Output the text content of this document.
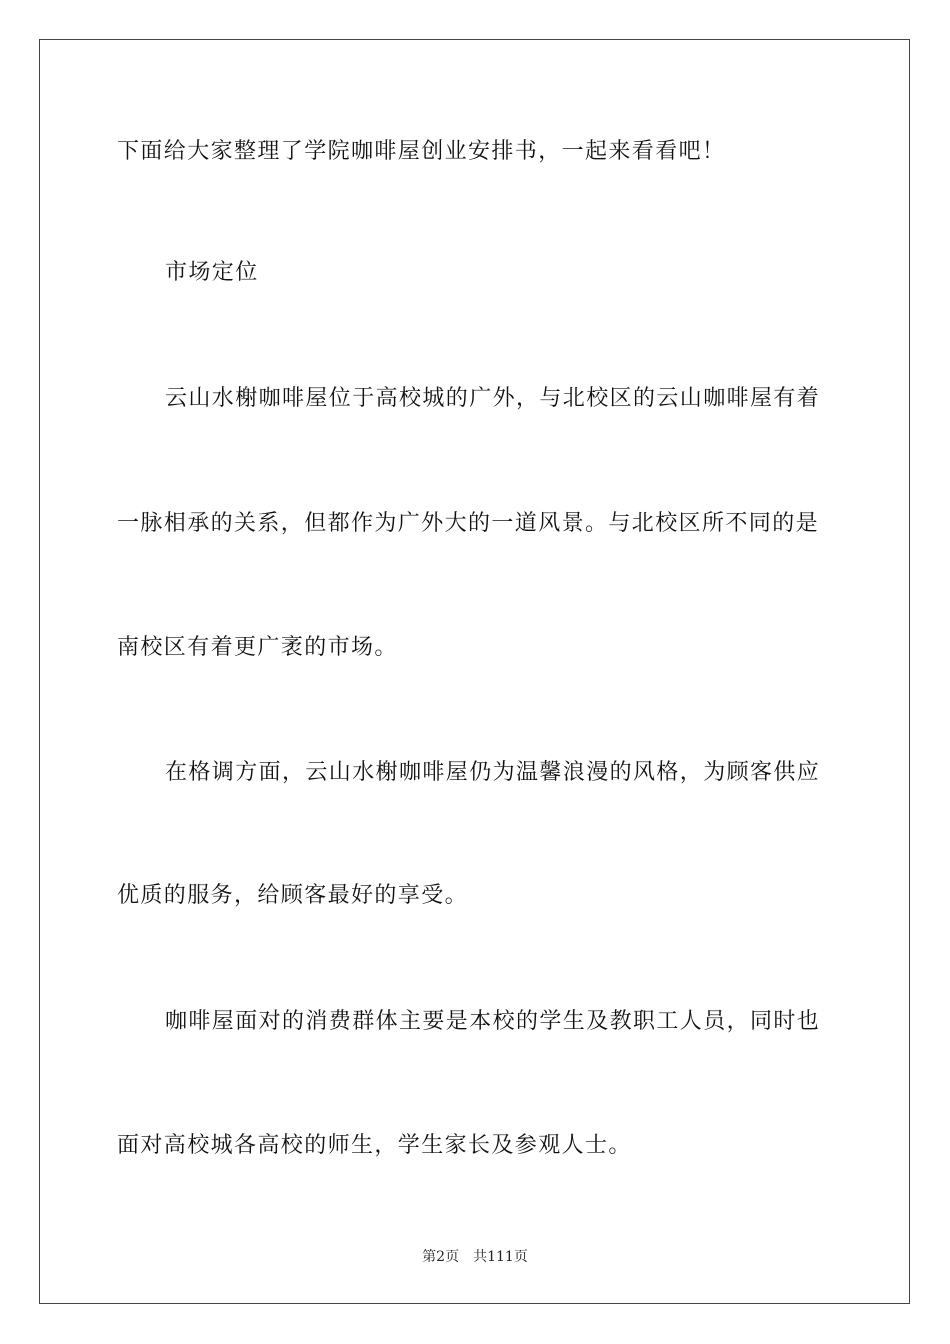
下面给大家整理了学院咖啡屋创业安排书，一起来看看吧！
市场定位
云山水榭咖啡屋位于高校城的广外，与北校区的云山咖啡屋有着
一脉相承的关系，但都作为广外大的一道风景。与北校区所不同的是
南校区有着更广袤的市场。
在格调方面，云山水榭咖啡屋仍为温馨浪漫的风格，为顾客供应
优质的服务，给顾客最好的享受。
咖啡屋面对的消费群体主要是本校的学生及教职工人员，同时也
面对高校城各高校的师生，学生家长及参观人士。
第2页 共111页
